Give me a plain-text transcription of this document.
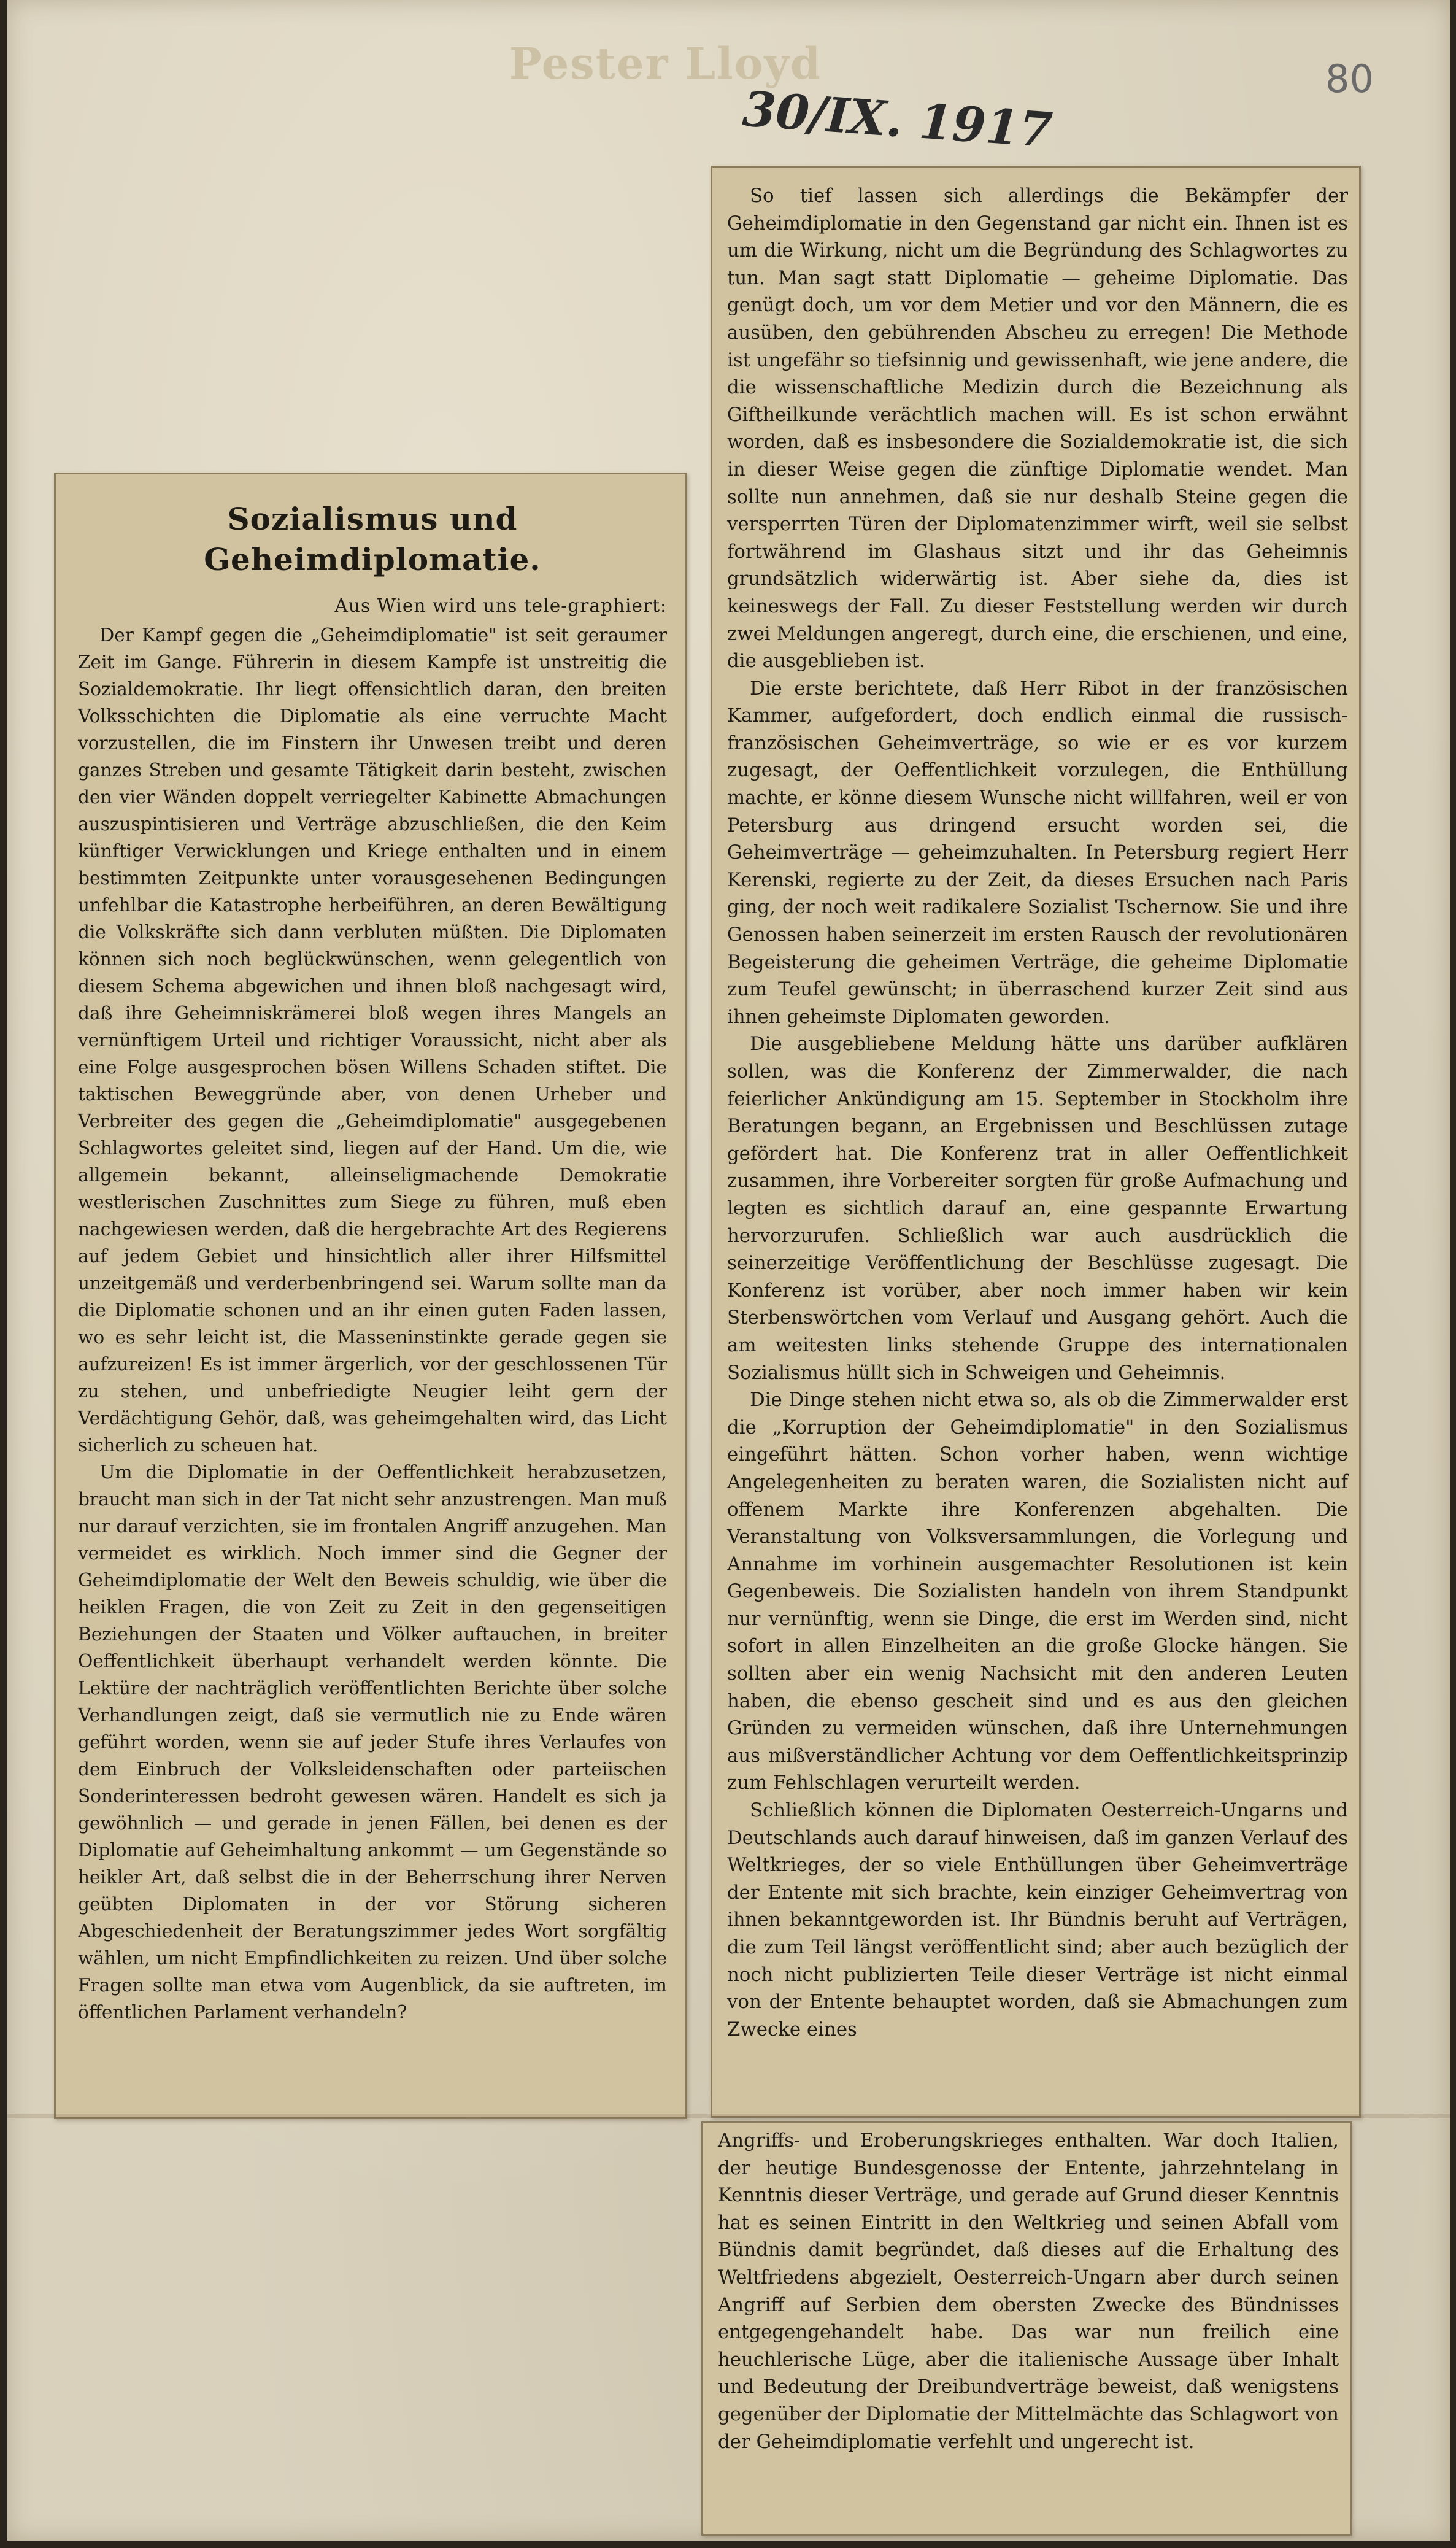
Pester Lloyd	80
30/IX. 1917
Sozialismus und Geheimdiplomatie.
Aus Wien wird uns tele-graphiert:

Der Kampf gegen die „Geheimdiplomatie" ist seit geraumer Zeit im Gange. Führerin in diesem Kampfe ist unstreitig die Sozialdemokratie. Ihr liegt offensichtlich daran, den breiten Volksschichten die Diplomatie als eine verruchte Macht vorzustellen, die im Finstern ihr Unwesen treibt und deren ganzes Streben und gesamte Tätigkeit darin besteht, zwischen den vier Wänden doppelt verriegelter Kabinette Abmachungen auszuspintisieren und Verträge abzuschließen, die den Keim künftiger Verwicklungen und Kriege enthalten und in einem bestimmten Zeitpunkte unter vorausgesehenen Bedingungen unfehlbar die Katastrophe herbeiführen, an deren Bewältigung die Volkskräfte sich dann verbluten müßten. Die Diplomaten können sich noch beglückwünschen, wenn gelegentlich von diesem Schema abgewichen und ihnen bloß nachgesagt wird, daß ihre Geheimniskrämerei bloß wegen ihres Mangels an vernünftigem Urteil und richtiger Voraussicht, nicht aber als eine Folge ausgesprochen bösen Willens Schaden stiftet. Die taktischen Beweggründe aber, von denen Urheber und Verbreiter des gegen die „Geheimdiplomatie" ausgegebenen Schlagwortes geleitet sind, liegen auf der Hand. Um die, wie allgemein bekannt, alleinseligmachende Demokratie westlerischen Zuschnittes zum Siege zu führen, muß eben nachgewiesen werden, daß die hergebrachte Art des Regierens auf jedem Gebiet und hinsichtlich aller ihrer Hilfsmittel unzeitgemäß und verderbenbringend sei. Warum sollte man da die Diplomatie schonen und an ihr einen guten Faden lassen, wo es sehr leicht ist, die Masseninstinkte gerade gegen sie aufzureizen! Es ist immer ärgerlich, vor der geschlossenen Tür zu stehen, und unbefriedigte Neugier leiht gern der Verdächtigung Gehör, daß, was geheimgehalten wird, das Licht sicherlich zu scheuen hat.

Um die Diplomatie in der Oeffentlichkeit herabzusetzen, braucht man sich in der Tat nicht sehr anzustrengen. Man muß nur darauf verzichten, sie im frontalen Angriff anzugehen. Man vermeidet es wirklich. Noch immer sind die Gegner der Geheimdiplomatie der Welt den Beweis schuldig, wie über die heiklen Fragen, die von Zeit zu Zeit in den gegenseitigen Beziehungen der Staaten und Völker auftauchen, in breiter Oeffentlichkeit überhaupt verhandelt werden könnte. Die Lektüre der nachträglich veröffentlichten Berichte über solche Verhandlungen zeigt, daß sie vermutlich nie zu Ende wären geführt worden, wenn sie auf jeder Stufe ihres Verlaufes von dem Einbruch der Volksleidenschaften oder parteiischen Sonderinteressen bedroht gewesen wären. Handelt es sich ja gewöhnlich — und gerade in jenen Fällen, bei denen es der Diplomatie auf Geheimhaltung ankommt — um Gegenstände so heikler Art, daß selbst die in der Beherrschung ihrer Nerven geübten Diplomaten in der vor Störung sicheren Abgeschiedenheit der Beratungszimmer jedes Wort sorgfältig wählen, um nicht Empfindlichkeiten zu reizen. Und über solche Fragen sollte man etwa vom Augenblick, da sie auftreten, im öffentlichen Parlament verhandeln?

So tief lassen sich allerdings die Bekämpfer der Geheimdiplomatie in den Gegenstand gar nicht ein. Ihnen ist es um die Wirkung, nicht um die Begründung des Schlagwortes zu tun. Man sagt statt Diplomatie — geheime Diplomatie. Das genügt doch, um vor dem Metier und vor den Männern, die es ausüben, den gebührenden Abscheu zu erregen! Die Methode ist ungefähr so tiefsinnig und gewissenhaft, wie jene andere, die die wissenschaftliche Medizin durch die Bezeichnung als Giftheilkunde verächtlich machen will. Es ist schon erwähnt worden, daß es insbesondere die Sozialdemokratie ist, die sich in dieser Weise gegen die zünftige Diplomatie wendet. Man sollte nun annehmen, daß sie nur deshalb Steine gegen die versperrten Türen der Diplomatenzimmer wirft, weil sie selbst fortwährend im Glashaus sitzt und ihr das Geheimnis grundsätzlich widerwärtig ist. Aber siehe da, dies ist keineswegs der Fall. Zu dieser Feststellung werden wir durch zwei Meldungen angeregt, durch eine, die erschienen, und eine, die ausgeblieben ist.

Die erste berichtete, daß Herr Ribot in der französischen Kammer, aufgefordert, doch endlich einmal die russisch-französischen Geheimverträge, so wie er es vor kurzem zugesagt, der Oeffentlichkeit vorzulegen, die Enthüllung machte, er könne diesem Wunsche nicht willfahren, weil er von Petersburg aus dringend ersucht worden sei, die Geheimverträge — geheimzuhalten. In Petersburg regiert Herr Kerenski, regierte zu der Zeit, da dieses Ersuchen nach Paris ging, der noch weit radikalere Sozialist Tschernow. Sie und ihre Genossen haben seinerzeit im ersten Rausch der revolutionären Begeisterung die geheimen Verträge, die geheime Diplomatie zum Teufel gewünscht; in überraschend kurzer Zeit sind aus ihnen geheimste Diplomaten geworden.

Die ausgebliebene Meldung hätte uns darüber aufklären sollen, was die Konferenz der Zimmerwalder, die nach feierlicher Ankündigung am 15. September in Stockholm ihre Beratungen begann, an Ergebnissen und Beschlüssen zutage gefördert hat. Die Konferenz trat in aller Oeffentlichkeit zusammen, ihre Vorbereiter sorgten für große Aufmachung und legten es sichtlich darauf an, eine gespannte Erwartung hervorzurufen. Schließlich war auch ausdrücklich die seinerzeitige Veröffentlichung der Beschlüsse zugesagt. Die Konferenz ist vorüber, aber noch immer haben wir kein Sterbenswörtchen vom Verlauf und Ausgang gehört. Auch die am weitesten links stehende Gruppe des internationalen Sozialismus hüllt sich in Schweigen und Geheimnis.

Die Dinge stehen nicht etwa so, als ob die Zimmerwalder erst die „Korruption der Geheimdiplomatie" in den Sozialismus eingeführt hätten. Schon vorher haben, wenn wichtige Angelegenheiten zu beraten waren, die Sozialisten nicht auf offenem Markte ihre Konferenzen abgehalten. Die Veranstaltung von Volksversammlungen, die Vorlegung und Annahme im vorhinein ausgemachter Resolutionen ist kein Gegenbeweis. Die Sozialisten handeln von ihrem Standpunkt nur vernünftig, wenn sie Dinge, die erst im Werden sind, nicht sofort in allen Einzelheiten an die große Glocke hängen. Sie sollten aber ein wenig Nachsicht mit den anderen Leuten haben, die ebenso gescheit sind und es aus den gleichen Gründen zu vermeiden wünschen, daß ihre Unternehmungen aus mißverständlicher Achtung vor dem Oeffentlichkeitsprinzip zum Fehlschlagen verurteilt werden.

Schließlich können die Diplomaten Oesterreich-Ungarns und Deutschlands auch darauf hinweisen, daß im ganzen Verlauf des Weltkrieges, der so viele Enthüllungen über Geheimverträge der Entente mit sich brachte, kein einziger Geheimvertrag von ihnen bekanntgeworden ist. Ihr Bündnis beruht auf Verträgen, die zum Teil längst veröffentlicht sind; aber auch bezüglich der noch nicht publizierten Teile dieser Verträge ist nicht einmal von der Entente behauptet worden, daß sie Abmachungen zum Zwecke eines

Angriffs- und Eroberungskrieges enthalten. War doch Italien, der heutige Bundesgenosse der Entente, jahrzehntelang in Kenntnis dieser Verträge, und gerade auf Grund dieser Kenntnis hat es seinen Eintritt in den Weltkrieg und seinen Abfall vom Bündnis damit begründet, daß dieses auf die Erhaltung des Weltfriedens abgezielt, Oesterreich-Ungarn aber durch seinen Angriff auf Serbien dem obersten Zwecke des Bündnisses entgegengehandelt habe. Das war nun freilich eine heuchlerische Lüge, aber die italienische Aussage über Inhalt und Bedeutung der Dreibundverträge beweist, daß wenigstens gegenüber der Diplomatie der Mittelmächte das Schlagwort von der Geheimdiplomatie verfehlt und ungerecht ist.
